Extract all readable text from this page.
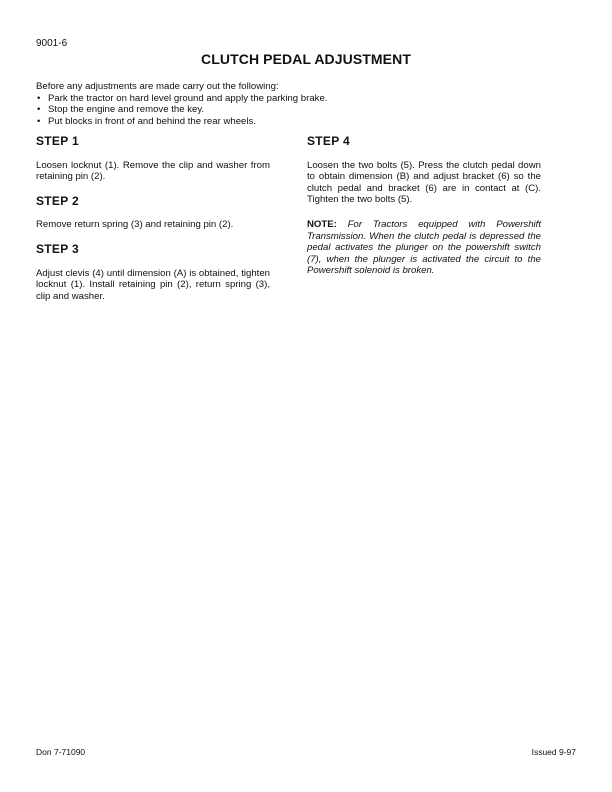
9001-6
CLUTCH PEDAL ADJUSTMENT
Before any adjustments are made carry out the following:
• Park the tractor on hard level ground and apply the parking brake.
• Stop the engine and remove the key.
• Put blocks in front of and behind the rear wheels.
STEP 1

Loosen locknut (1). Remove the clip and washer from retaining pin (2).

STEP 2

Remove return spring (3) and retaining pin (2).

STEP 3

Adjust clevis (4) until dimension (A) is obtained, tighten locknut (1). Install retaining pin (2), return spring (3), clip and washer.

STEP 4

Loosen the two bolts (5). Press the clutch pedal down to obtain dimension (B) and adjust bracket (6) so the clutch pedal and bracket (6) are in contact at (C). Tighten the two bolts (5).

NOTE: For Tractors equipped with Powershift Transmission. When the clutch pedal is depressed the pedal activates the plunger on the powershift switch (7), when the plunger is activated the circuit to the Powershift solenoid is broken.

Don 7-71090	Issued 9-97
